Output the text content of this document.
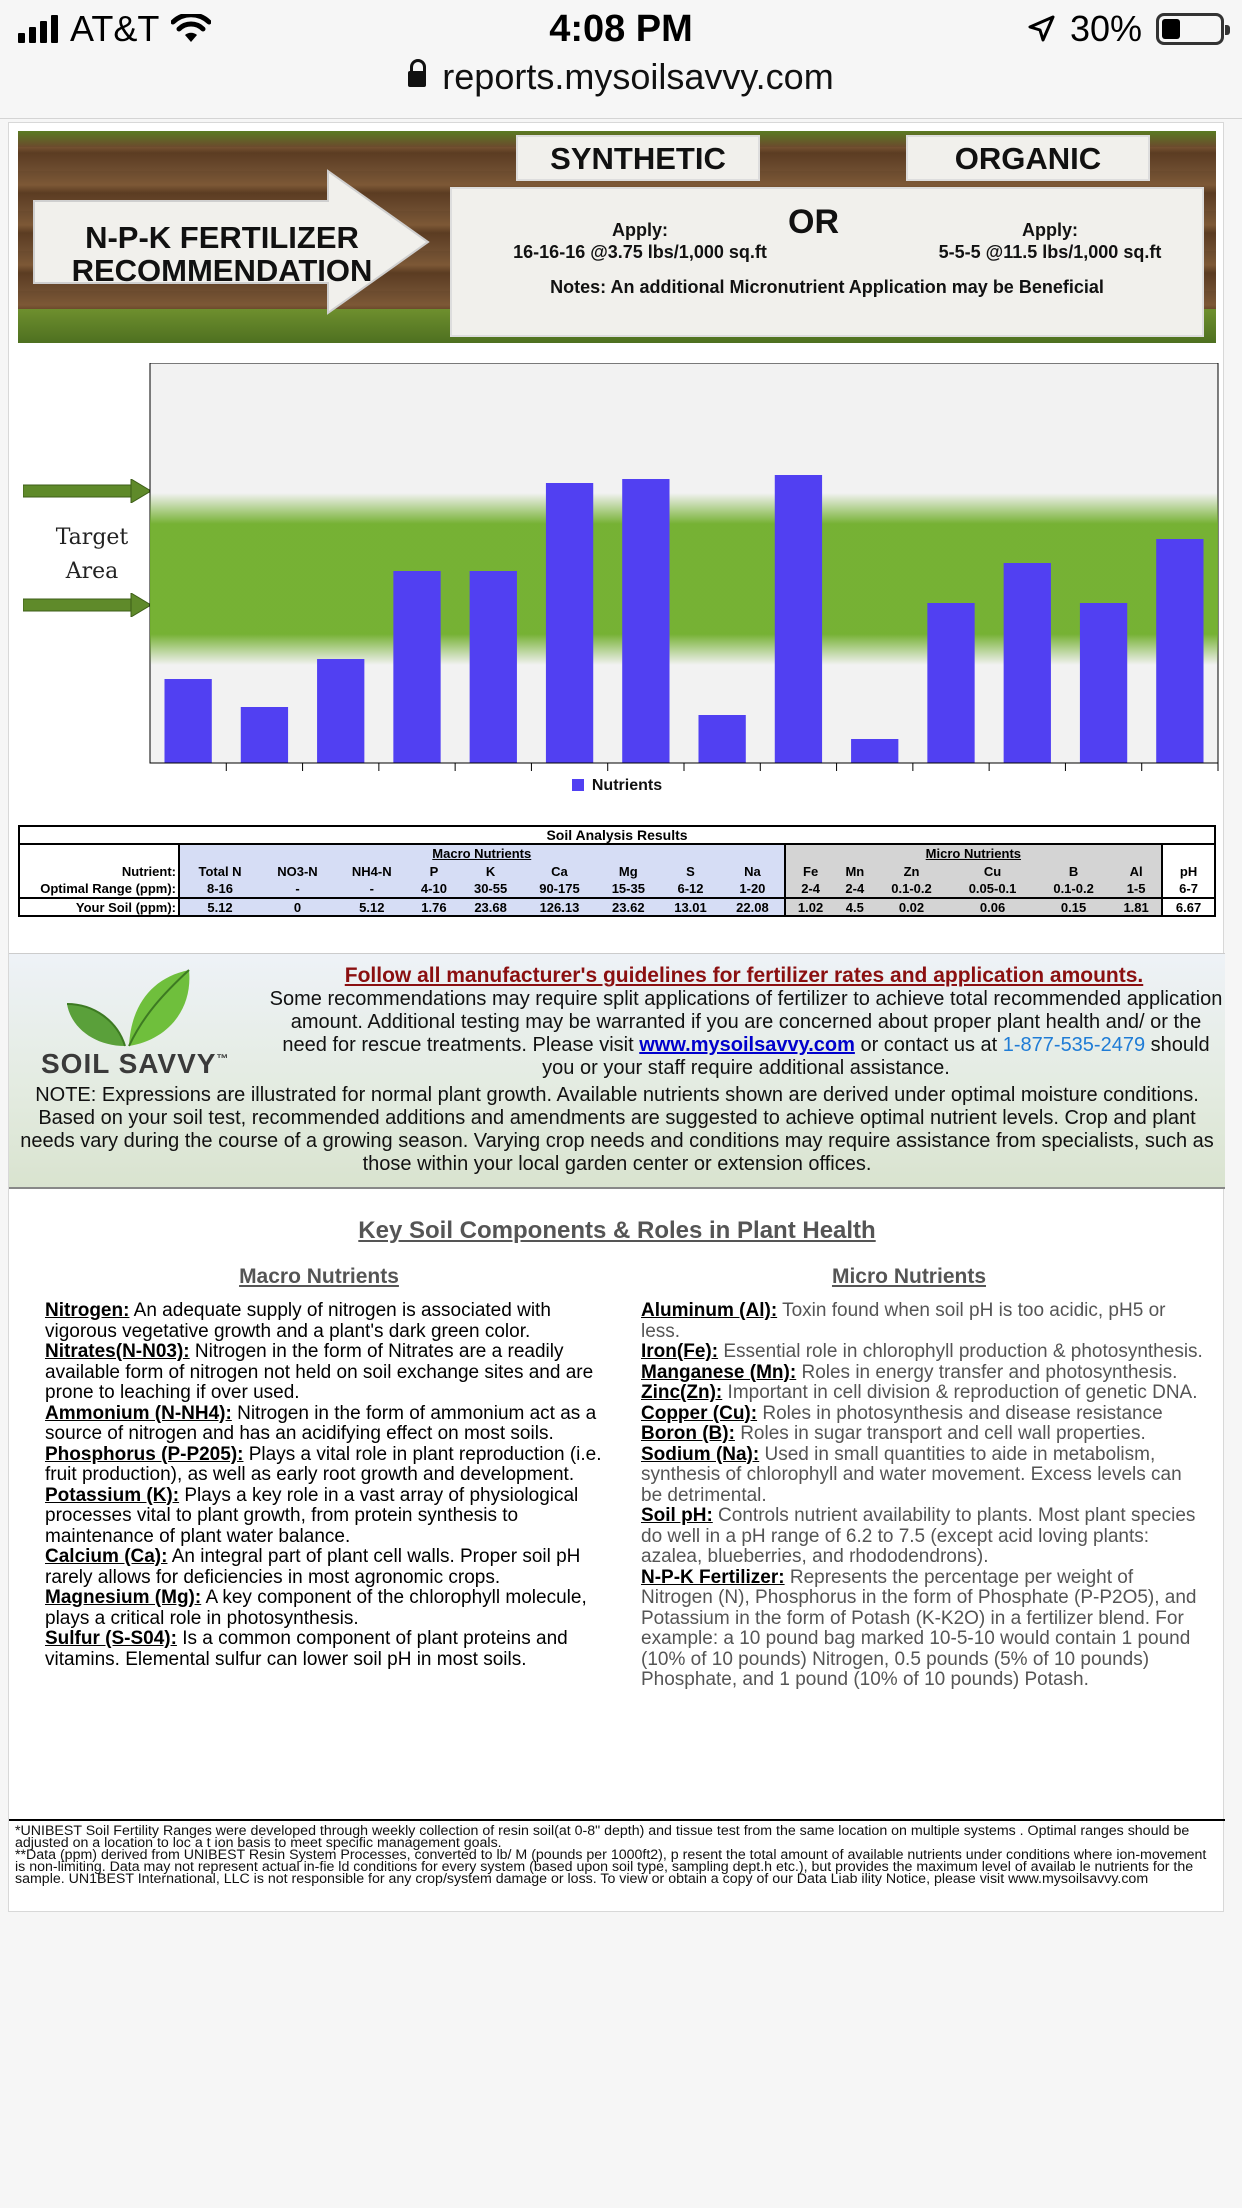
AT&T	4:08 PM	30%
reports.mysoilsavvy.com
N-P-K FERTILIZER
RECOMMENDATION
SYNTHETIC	ORGANIC
OR
Apply:
16-16-16 @3.75 lbs/1,000 sq.ft
Apply:
5-5-5 @11.5 lbs/1,000 sq.ft
Notes: An additional Micronutrient Application may be Beneficial
Target
Area
Nutrients
Soil Analysis Results																
	Macro Nutrients									Micro Nutrients						
Nutrient:	Total N	NO3-N	NH4-N	P	K	Ca	Mg	S	Na	Fe	Mn	Zn	Cu	B	Al	pH
Optimal Range (ppm):	8-16	-	-	4-10	30-55	90-175	15-35	6-12	1-20	2-4	2-4	0.1-0.2	0.05-0.1	0.1-0.2	1-5	6-7
Your Soil (ppm):	5.12	0	5.12	1.76	23.68	126.13	23.62	13.01	22.08	1.02	4.5	0.02	0.06	0.15	1.81	6.67
SOIL SAVVY™
Follow all manufacturer's guidelines for fertilizer rates and application amounts.
Some recommendations may require split applications of fertilizer to achieve total recommended application amount. Additional testing may be warranted if you are concerned about proper plant health and/ or the need for rescue treatments. Please visit www.mysoilsavvy.com or contact us at 1-877-535-2479 should you or your staff require additional assistance.
NOTE: Expressions are illustrated for normal plant growth. Available nutrients shown are derived under optimal moisture conditions. Based on your soil test, recommended additions and amendments are suggested to achieve optimal nutrient levels. Crop and plant needs vary during the course of a growing season. Varying crop needs and conditions may require assistance from specialists, such as those within your local garden center or extension offices.
Key Soil Components & Roles in Plant Health
Macro Nutrients	Micro Nutrients

Nitrogen: An adequate supply of nitrogen is associated with vigorous vegetative growth and a plant's dark green color.

Nitrates(N-N03): Nitrogen in the form of Nitrates are a readily available form of nitrogen not held on soil exchange sites and are prone to leaching if over used.

Ammonium (N-NH4): Nitrogen in the form of ammonium act as a source of nitrogen and has an acidifying effect on most soils.

Phosphorus (P-P205): Plays a vital role in plant reproduction (i.e. fruit production), as well as early root growth and development.

Potassium (K): Plays a key role in a vast array of physiological processes vital to plant growth, from protein synthesis to maintenance of plant water balance.

Calcium (Ca): An integral part of plant cell walls. Proper soil pH rarely allows for deficiencies in most agronomic crops.

Magnesium (Mg): A key component of the chlorophyll molecule, plays a critical role in photosynthesis.

Sulfur (S-S04): Is a common component of plant proteins and vitamins. Elemental sulfur can lower soil pH in most soils.

Aluminum (Al): Toxin found when soil pH is too acidic, pH5 or less.

Iron(Fe): Essential role in chlorophyll production & photosynthesis.

Manganese (Mn): Roles in energy transfer and photosynthesis.

Zinc(Zn): Important in cell division & reproduction of genetic DNA.

Copper (Cu): Roles in photosynthesis and disease resistance

Boron (B): Roles in sugar transport and cell wall properties.

Sodium (Na): Used in small quantities to aide in metabolism, synthesis of chlorophyll and water movement. Excess levels can be detrimental.

Soil pH: Controls nutrient availability to plants. Most plant species do well in a pH range of 6.2 to 7.5 (except acid loving plants: azalea, blueberries, and rhododendrons).

N-P-K Fertilizer: Represents the percentage per weight of Nitrogen (N), Phosphorus in the form of Phosphate (P-P2O5), and Potassium in the form of Potash (K-K2O) in a fertilizer blend. For example: a 10 pound bag marked 10-5-10 would contain 1 pound (10% of 10 pounds) Nitrogen, 0.5 pounds (5% of 10 pounds) Phosphate, and 1 pound (10% of 10 pounds) Potash.

*UNIBEST Soil Fertility Ranges were developed through weekly collection of resin soil(at 0-8" depth) and tissue test from the same location on multiple systems . Optimal ranges should be adjusted on a location to loc a t ion basis to meet specific management goals.

**Data (ppm) derived from UNIBEST Resin System Processes, converted to lb/ M (pounds per 1000ft2), p resent the total amount of available nutrients under conditions where ion-movement is non-limiting. Data may not represent actual in-fie ld conditions for every system (based upon soil type, sampling dept.h etc.), but provides the maximum level of availab le nutrients for the sample. UN1BEST International, LLC is not responsible for any crop/system damage or loss. To view or obtain a copy of our Data Liab ility Notice, please visit www.mysoilsavvy.com
